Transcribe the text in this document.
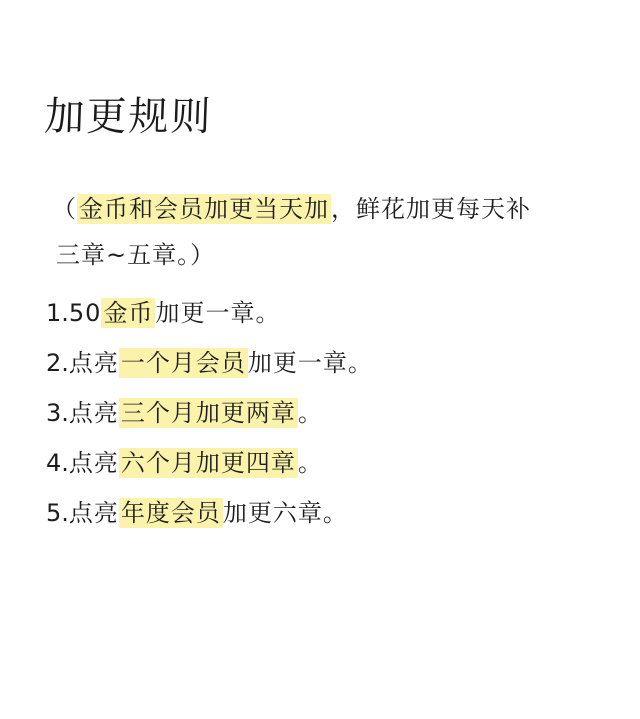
加更规则
（金币和会员加更当天加，鲜花加更每天补
三章~五章。）
1.50金币加更一章。
2.点亮一个月会员加更一章。
3.点亮三个月加更两章。
4.点亮六个月加更四章。
5.点亮年度会员加更六章。
